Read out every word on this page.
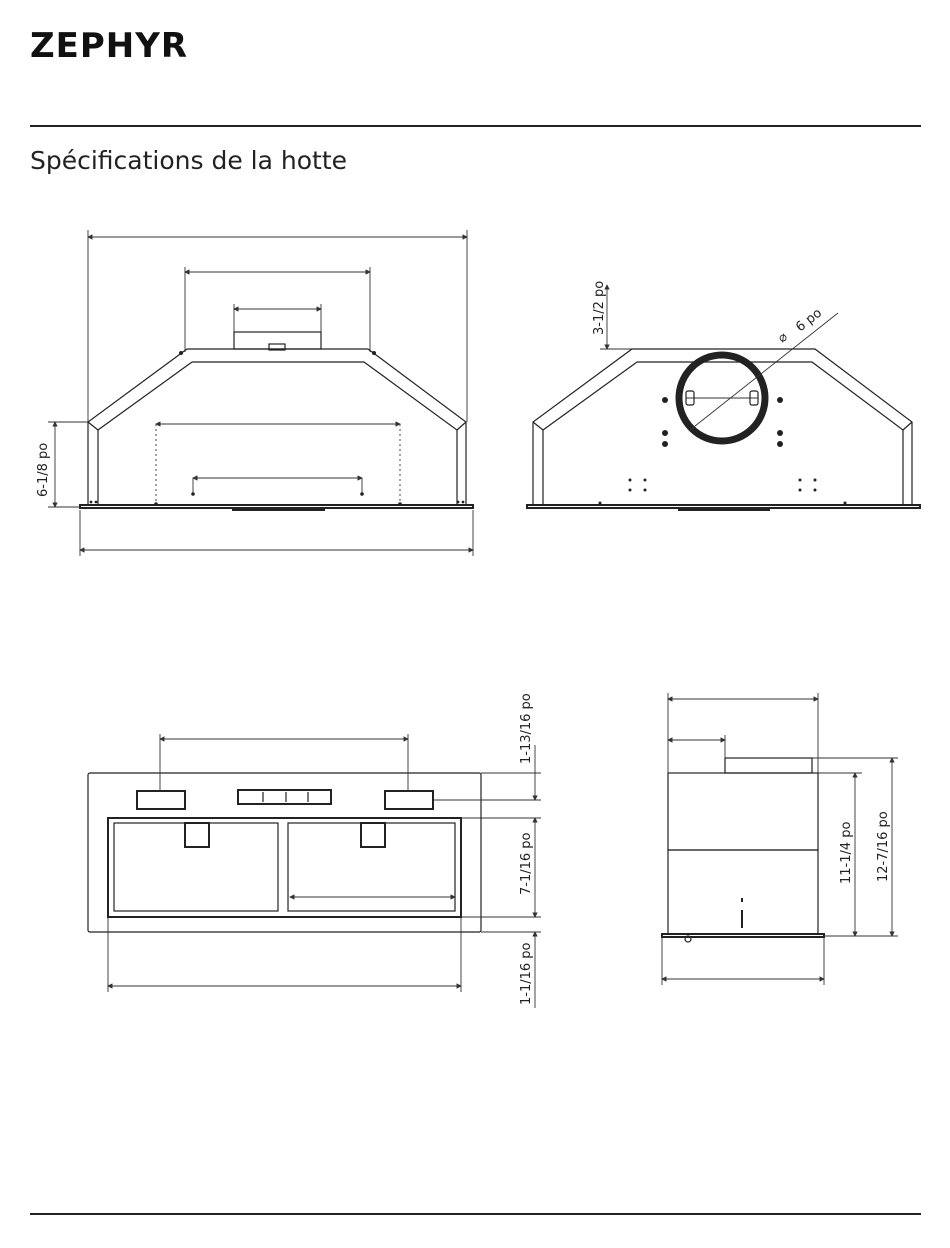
ZEPHYR
Spécifications de la hotte
6-1/8 po
3-1/2 po
⌀
6 po
1-13/16 po
7-1/16 po
1-1/16 po
11-1/4 po 12-7/16 po
